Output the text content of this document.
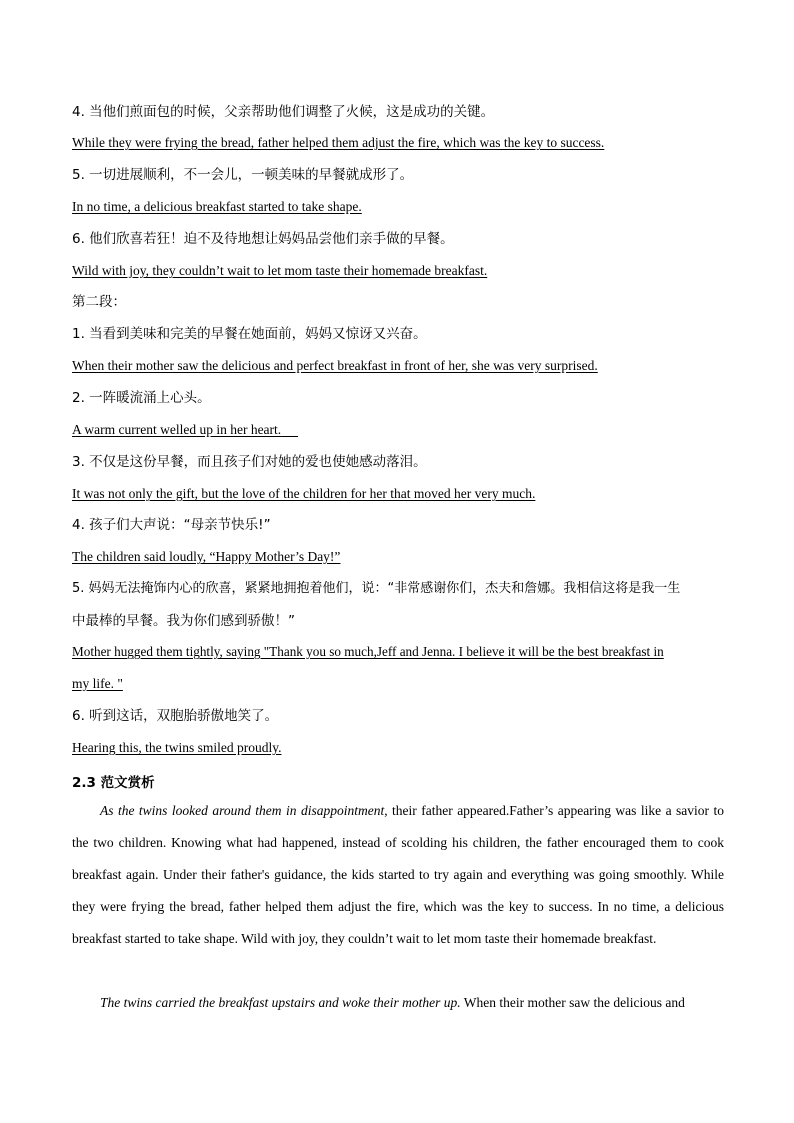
4. 当他们煎面包的时候，父亲帮助他们调整了火候，这是成功的关键。
While they were frying the bread, father helped them adjust the fire, which was the key to success.
5. 一切进展顺利，不一会儿，一顿美味的早餐就成形了。
In no time, a delicious breakfast started to take shape.
6. 他们欣喜若狂！迫不及待地想让妈妈品尝他们亲手做的早餐。
Wild with joy, they couldn’t wait to let mom taste their homemade breakfast.
第二段：
1. 当看到美味和完美的早餐在她面前，妈妈又惊讶又兴奋。
When their mother saw the delicious and perfect breakfast in front of her, she was very surprised.
2. 一阵暖流涌上心头。
A warm current welled up in her heart.
3. 不仅是这份早餐，而且孩子们对她的爱也使她感动落泪。
It was not only the gift, but the love of the children for her that moved her very much.
4. 孩子们大声说：“母亲节快乐!”
The children said loudly, “Happy Mother’s Day!”
5. 妈妈无法掩饰内心的欣喜，紧紧地拥抱着他们，说：“非常感谢你们，杰夫和詹娜。我相信这将是我一生
中最棒的早餐。我为你们感到骄傲！”
Mother hugged them tightly, saying "Thank you so much,Jeff and Jenna. I believe it will be the best breakfast in
my life. "
6. 听到这话，双胞胎骄傲地笑了。
Hearing this, the twins smiled proudly.
2.3 范文赏析
As the twins looked around them in disappointment, their father appeared.Father’s appearing was like a savior to the two children. Knowing what had happened, instead of scolding his children, the father encouraged them to cook breakfast again. Under their father's guidance, the kids started to try again and everything was going smoothly. While they were frying the bread, father helped them adjust the fire, which was the key to success. In no time, a delicious breakfast started to take shape. Wild with joy, they couldn’t wait to let mom taste their homemade breakfast.
The twins carried the breakfast upstairs and woke their mother up. When their mother saw the delicious and
